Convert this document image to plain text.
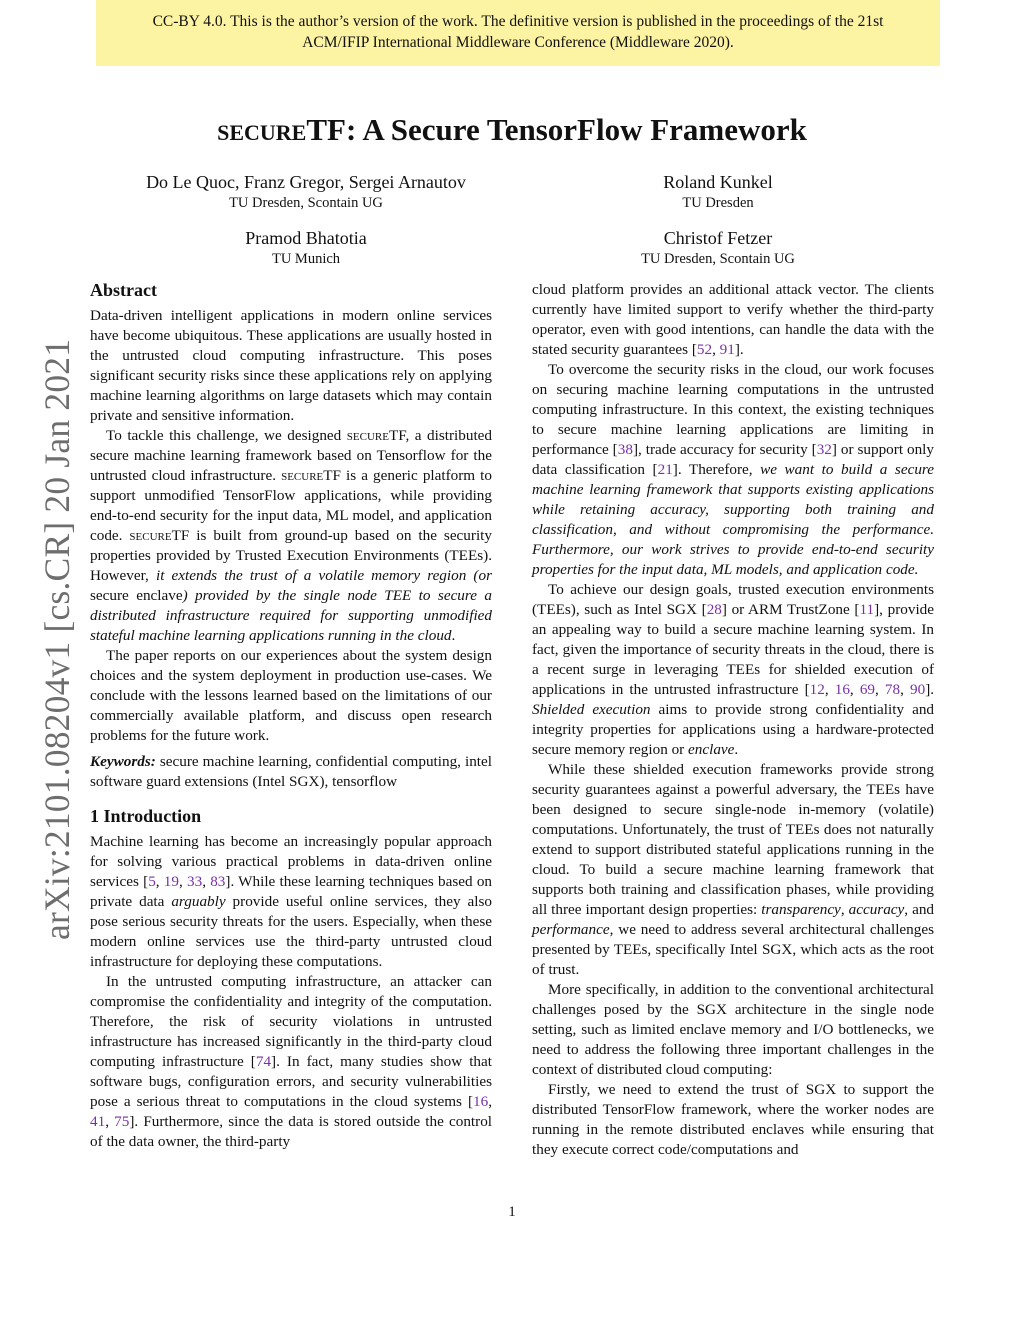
CC-BY 4.0. This is the author’s version of the work. The definitive version is published in the proceedings of the 21st
ACM/IFIP International Middleware Conference (Middleware 2020).
arXiv:2101.08204v1 [cs.CR] 20 Jan 2021
secureTF: A Secure TensorFlow Framework
Do Le Quoc, Franz Gregor, Sergei Arnautov
TU Dresden, Scontain UG
Roland Kunkel
TU Dresden
Pramod Bhatotia
TU Munich
Christof Fetzer
TU Dresden, Scontain UG
Abstract

Data-driven intelligent applications in modern online services have become ubiquitous. These applications are usually hosted in the untrusted cloud computing infrastructure. This poses significant security risks since these applications rely on applying machine learning algorithms on large datasets which may contain private and sensitive information.

To tackle this challenge, we designed secureTF, a distributed secure machine learning framework based on Tensorflow for the untrusted cloud infrastructure. secureTF is a generic platform to support unmodified TensorFlow applications, while providing end-to-end security for the input data, ML model, and application code. secureTF is built from ground-up based on the security properties provided by Trusted Execution Environments (TEEs). However, it extends the trust of a volatile memory region (or secure enclave) provided by the single node TEE to secure a distributed infrastructure required for supporting unmodified stateful machine learning applications running in the cloud.

The paper reports on our experiences about the system design choices and the system deployment in production use-cases. We conclude with the lessons learned based on the limitations of our commercially available platform, and discuss open research problems for the future work.

Keywords: secure machine learning, confidential computing, intel software guard extensions (Intel SGX), tensorflow

1 Introduction

Machine learning has become an increasingly popular approach for solving various practical problems in data-driven online services [5, 19, 33, 83]. While these learning techniques based on private data arguably provide useful online services, they also pose serious security threats for the users. Especially, when these modern online services use the third-party untrusted cloud infrastructure for deploying these computations.

In the untrusted computing infrastructure, an attacker can compromise the confidentiality and integrity of the computation. Therefore, the risk of security violations in untrusted infrastructure has increased significantly in the third-party cloud computing infrastructure [74]. In fact, many studies show that software bugs, configuration errors, and security vulnerabilities pose a serious threat to computations in the cloud systems [16, 41, 75]. Furthermore, since the data is stored outside the control of the data owner, the third-party

cloud platform provides an additional attack vector. The clients currently have limited support to verify whether the third-party operator, even with good intentions, can handle the data with the stated security guarantees [52, 91].

To overcome the security risks in the cloud, our work focuses on securing machine learning computations in the untrusted computing infrastructure. In this context, the existing techniques to secure machine learning applications are limiting in performance [38], trade accuracy for security [32] or support only data classification [21]. Therefore, we want to build a secure machine learning framework that supports existing applications while retaining accuracy, supporting both training and classification, and without compromising the performance. Furthermore, our work strives to provide end-to-end security properties for the input data, ML models, and application code.

To achieve our design goals, trusted execution environments (TEEs), such as Intel SGX [28] or ARM TrustZone [11], provide an appealing way to build a secure machine learning system. In fact, given the importance of security threats in the cloud, there is a recent surge in leveraging TEEs for shielded execution of applications in the untrusted infrastructure [12, 16, 69, 78, 90]. Shielded execution aims to provide strong confidentiality and integrity properties for applications using a hardware-protected secure memory region or enclave.

While these shielded execution frameworks provide strong security guarantees against a powerful adversary, the TEEs have been designed to secure single-node in-memory (volatile) computations. Unfortunately, the trust of TEEs does not naturally extend to support distributed stateful applications running in the cloud. To build a secure machine learning framework that supports both training and classification phases, while providing all three important design properties: transparency, accuracy, and performance, we need to address several architectural challenges presented by TEEs, specifically Intel SGX, which acts as the root of trust.

More specifically, in addition to the conventional architectural challenges posed by the SGX architecture in the single node setting, such as limited enclave memory and I/O bottlenecks, we need to address the following three important challenges in the context of distributed cloud computing:

Firstly, we need to extend the trust of SGX to support the distributed TensorFlow framework, where the worker nodes are running in the remote distributed enclaves while ensuring that they execute correct code/computations and

1
